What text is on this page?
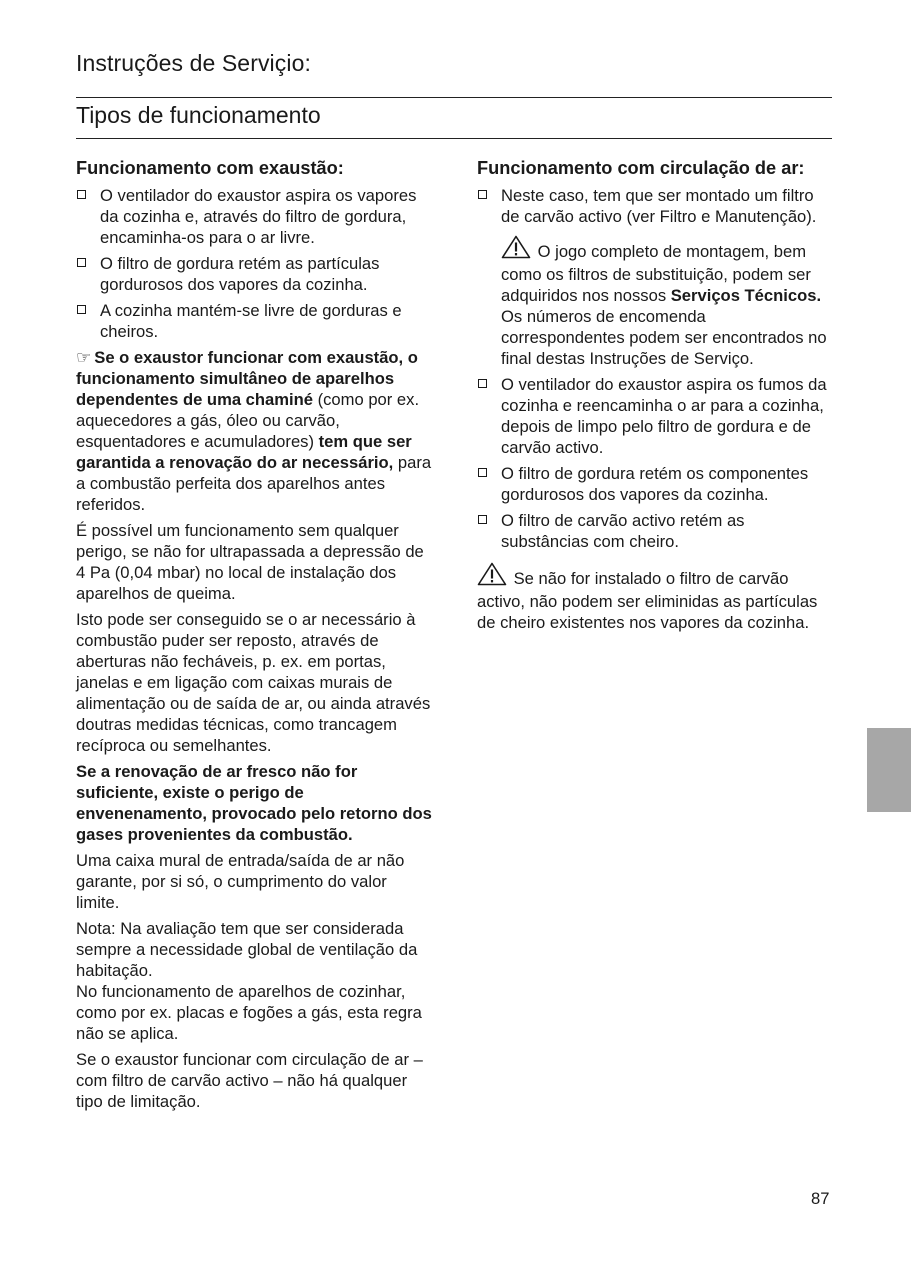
Instruções de Serviçio:
Tipos de funcionamento
Funcionamento com exaustão:
O ventilador do exaustor aspira os vapores da cozinha e, através do filtro de gordura, encaminha-os para o ar livre.
O filtro de gordura retém as partículas gordurosos dos vapores da cozinha.
A cozinha mantém-se livre de gorduras e cheiros.

☞ Se o exaustor funcionar com exaustão, o funcionamento simultâneo de aparelhos dependentes de uma chaminé (como por ex. aquecedores a gás, óleo ou carvão, esquentadores e acumuladores) tem que ser garantida a renovação do ar necessário, para a combustão perfeita dos aparelhos antes referidos.

É possível um funcionamento sem qualquer perigo, se não for ultrapassada a depressão de 4 Pa (0,04 mbar) no local de instalação dos aparelhos de queima.

Isto pode ser conseguido se o ar necessário à combustão puder ser reposto, através de aberturas não fecháveis, p. ex. em portas, janelas e em ligação com caixas murais de alimentação ou de saída de ar, ou ainda através doutras medidas técnicas, como trancagem recíproca ou semelhantes.

Se a renovação de ar fresco não for suficiente, existe o perigo de envenenamento, provocado pelo retorno dos gases provenientes da combustão.

Uma caixa mural de entrada/saída de ar não garante, por si só, o cumprimento do valor limite.

Nota: Na avaliação tem que ser considerada sempre a necessidade global de ventilação da habitação.
No funcionamento de aparelhos de cozinhar, como por ex. placas e fogões a gás, esta regra não se aplica.

Se o exaustor funcionar com circulação de ar – com filtro de carvão activo – não há qualquer tipo de limitação.

Funcionamento com circulação de ar:
Neste caso, tem que ser montado um filtro de carvão activo (ver Filtro e Manutenção).

O jogo completo de montagem, bem como os filtros de substituição, podem ser adquiridos nos nossos Serviços Técnicos.
Os números de encomenda correspondentes podem ser encontrados no final destas Instruções de Serviço.

O ventilador do exaustor aspira os fumos da cozinha e reencaminha o ar para a cozinha, depois de limpo pelo filtro de gordura e de carvão activo.
O filtro de gordura retém os componentes gordurosos dos vapores da cozinha.
O filtro de carvão activo retém as substâncias com cheiro.

Se não for instalado o filtro de carvão activo, não podem ser eliminidas as partículas de cheiro existentes nos vapores da cozinha.

87
